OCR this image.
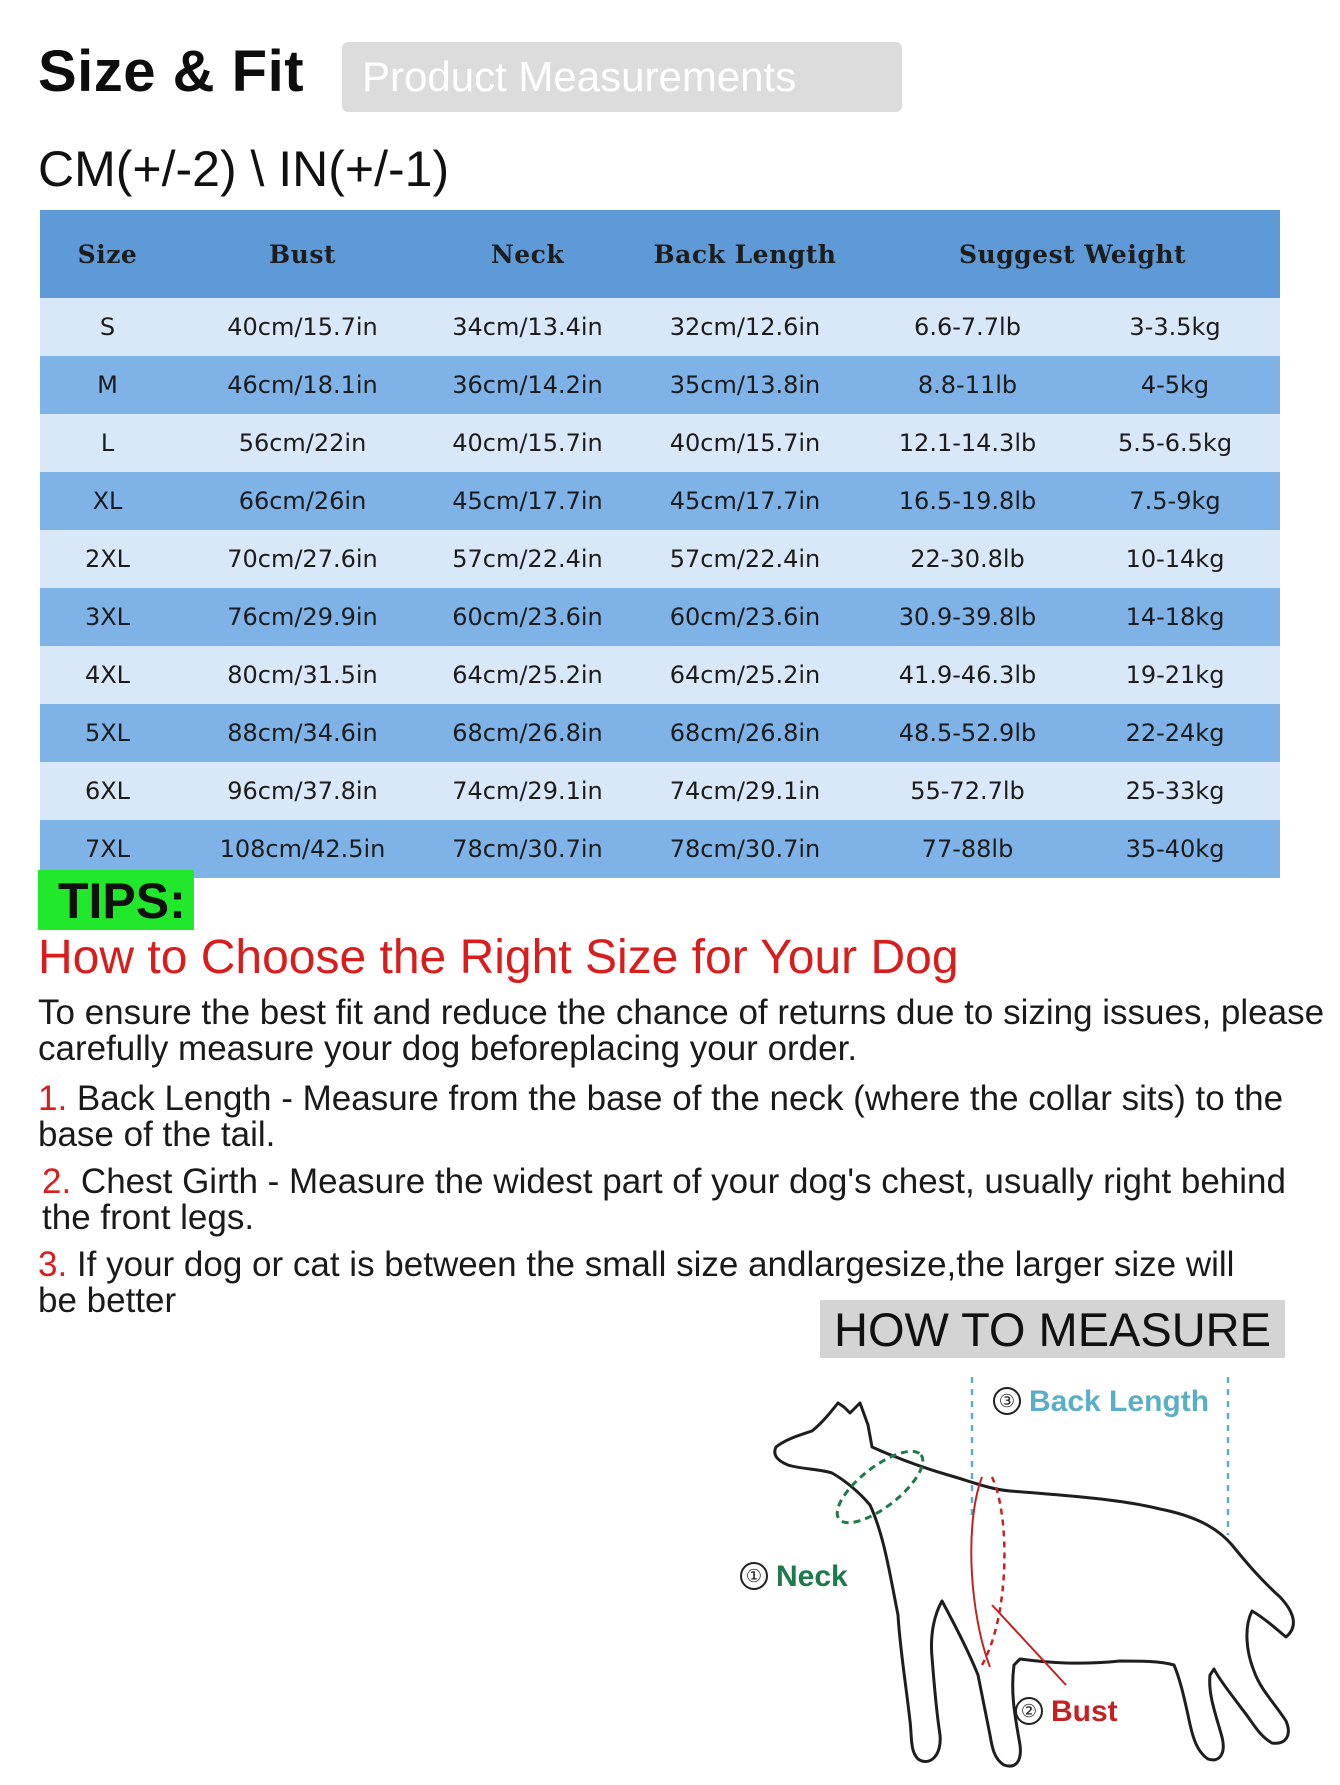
Size & Fit	Product Measurements
CM(+/-2) \ IN(+/-1)
Size	Bust	Neck	Back Length	Suggest Weight	
S	40cm/15.7in	34cm/13.4in	32cm/12.6in	6.6-7.7lb	3-3.5kg
M	46cm/18.1in	36cm/14.2in	35cm/13.8in	8.8-11lb	4-5kg
L	56cm/22in	40cm/15.7in	40cm/15.7in	12.1-14.3lb	5.5-6.5kg
XL	66cm/26in	45cm/17.7in	45cm/17.7in	16.5-19.8lb	7.5-9kg
2XL	70cm/27.6in	57cm/22.4in	57cm/22.4in	22-30.8lb	10-14kg
3XL	76cm/29.9in	60cm/23.6in	60cm/23.6in	30.9-39.8lb	14-18kg
4XL	80cm/31.5in	64cm/25.2in	64cm/25.2in	41.9-46.3lb	19-21kg
5XL	88cm/34.6in	68cm/26.8in	68cm/26.8in	48.5-52.9lb	22-24kg
6XL	96cm/37.8in	74cm/29.1in	74cm/29.1in	55-72.7lb	25-33kg
7XL	108cm/42.5in	78cm/30.7in	78cm/30.7in	77-88lb	35-40kg
TIPS:
How to Choose the Right Size for Your Dog
To ensure the best fit and reduce the chance of returns due to sizing issues, please carefully measure your dog beforeplacing your order.
1. Back Length - Measure from the base of the neck (where the collar sits) to the base of the tail.
2. Chest Girth - Measure the widest part of your dog's chest, usually right behind the front legs.
3. If your dog or cat is between the small size andlargesize,the larger size will be better
HOW TO MEASURE
③ Back Length
① Neck
② Bust
